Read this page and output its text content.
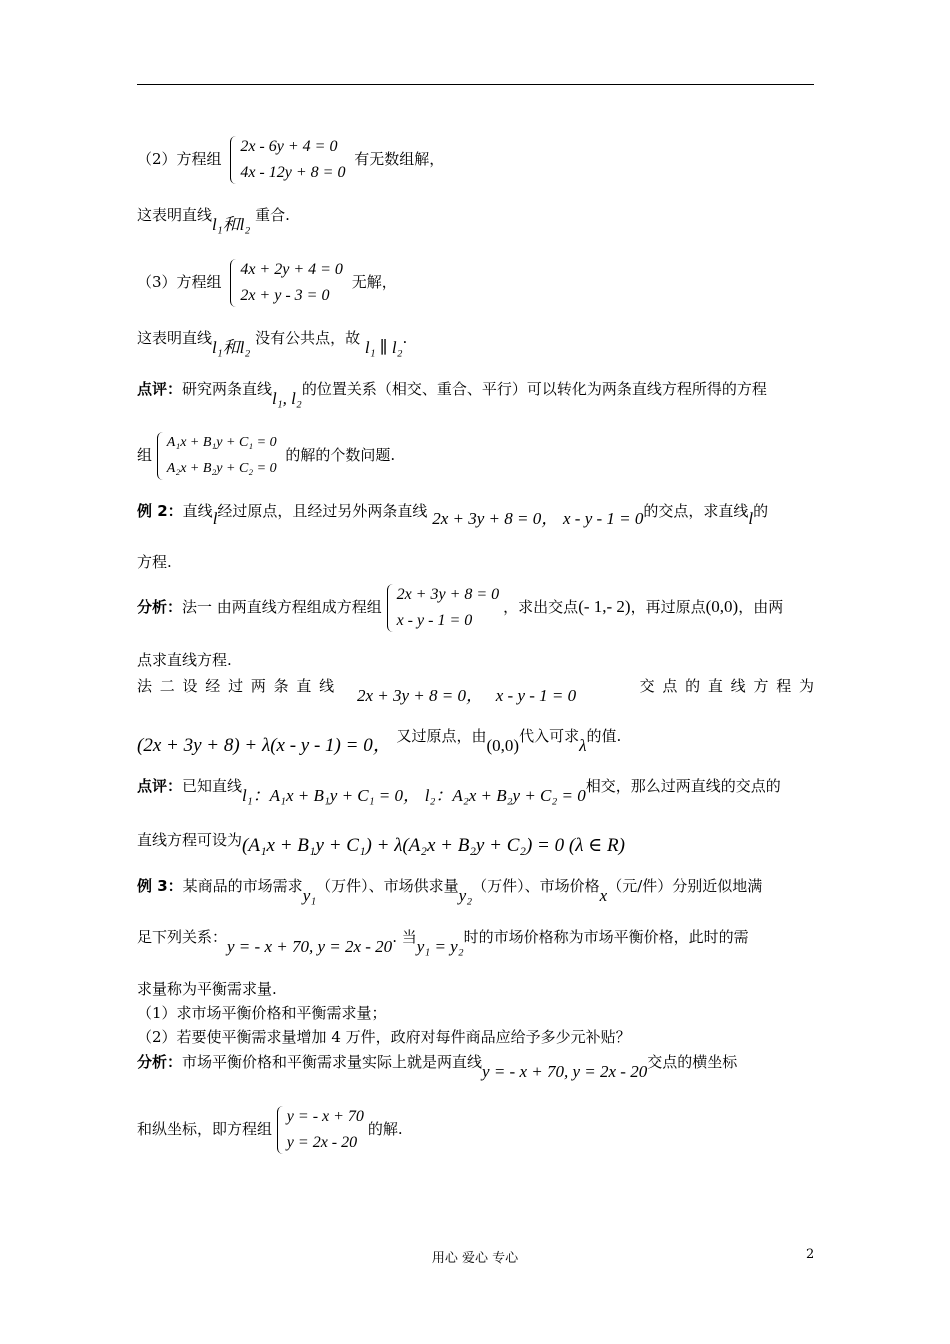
（2）方程组
2x - 6y + 4 = 0
4x - 12y + 8 = 0
有无数组解，
这表明直线l₁和l₂ 重合.
（3）方程组
4x + 2y + 4 = 0
2x + y - 3 = 0
无解，
这表明直线l₁和l₂ 没有公共点，故 l₁ ∥ l₂.
点评：研究两条直线l₁, l₂的位置关系（相交、重合、平行）可以转化为两条直线方程所得的方程
组
A₁x + B₁y + C₁ = 0
A₂x + B₂y + C₂ = 0
的解的个数问题.
例 2：直线l经过原点，且经过另外两条直线 2x + 3y + 8 = 0， x - y - 1 = 0的交点，求直线l的
方程.
分析：法一 由两直线方程组成方程组
2x + 3y + 8 = 0
x - y - 1 = 0
，求出交点(- 1,- 2)，再过原点(0,0)，由两
点求直线方程.
法 二 设 经 过 两 条 直 线 2x + 3y + 8 = 0， x - y - 1 = 0	交 点 的 直 线 方 程 为
(2x + 3y + 8) + λ(x - y - 1) = 0， 又过原点，由(0,0)代入可求λ的值.
点评：已知直线l₁：A₁x + B₁y + C₁ = 0， l₂：A₂x + B₂y + C₂ = 0相交，那么过两直线的交点的
直线方程可设为(A₁x + B₁y + C₁) + λ(A₂x + B₂y + C₂) = 0 (λ ∈ R)
例 3：某商品的市场需求y₁（万件）、市场供求量y₂（万件）、市场价格x（元/件）分别近似地满
足下列关系：y = - x + 70, y = 2x - 20. 当y₁ = y₂时的市场价格称为市场平衡价格，此时的需
求量称为平衡需求量.
（1）求市场平衡价格和平衡需求量；
（2）若要使平衡需求量增加 4 万件，政府对每件商品应给予多少元补贴？
分析：市场平衡价格和平衡需求量实际上就是两直线y = - x + 70, y = 2x - 20交点的横坐标
和纵坐标，即方程组
y = - x + 70
y = 2x - 20
的解.
用心 爱心 专心	2
